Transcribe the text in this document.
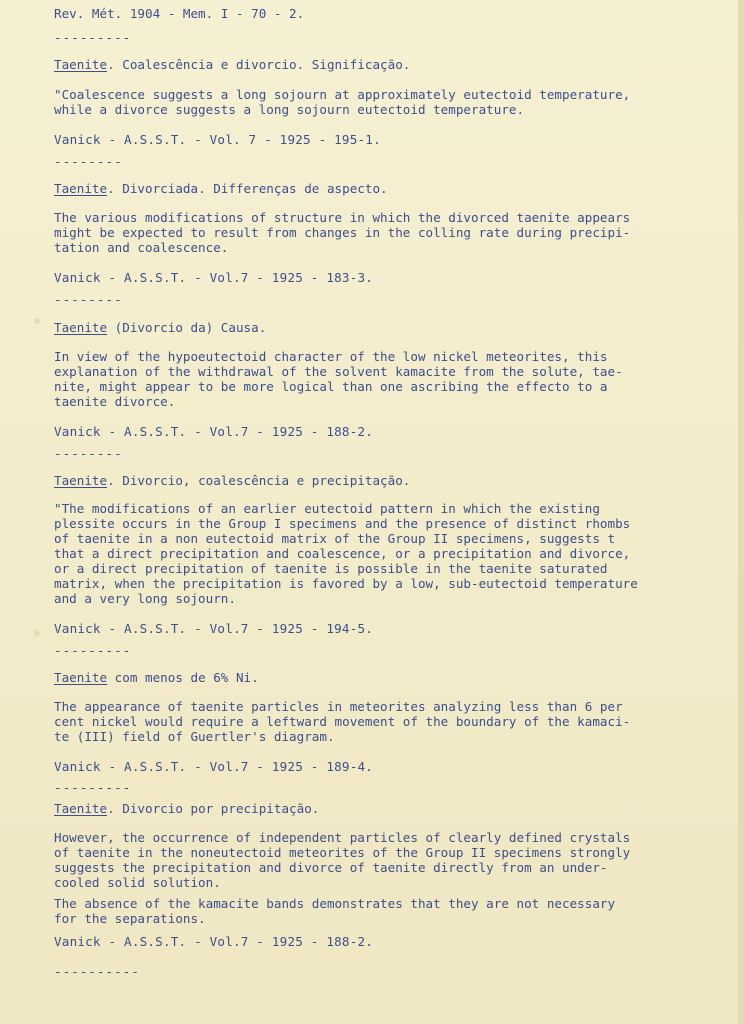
Rev. Mét. 1904 - Mem. I - 70 - 2.
---------
Taenite. Coalescência e divorcio. Significação.
"Coalescence suggests a long sojourn at approximately eutectoid temperature,
while a divorce suggests a long sojourn eutectoid temperature.
Vanick - A.S.S.T. - Vol. 7 - 1925 - 195-1.
--------
Taenite. Divorciada. Differenças de aspecto.
The various modifications of structure in which the divorced taenite appears
might be expected to result from changes in the colling rate during precipi-
tation and coalescence.
Vanick - A.S.S.T. - Vol.7 - 1925 - 183-3.
--------
Taenite (Divorcio da) Causa.
In view of the hypoeutectoid character of the low nickel meteorites, this
explanation of the withdrawal of the solvent kamacite from the solute, tae-
nite, might appear to be more logical than one ascribing the effecto to a
taenite divorce.
Vanick - A.S.S.T. - Vol.7 - 1925 - 188-2.
--------
Taenite. Divorcio, coalescência e precipitação.
"The modifications of an earlier eutectoid pattern in which the existing
plessite occurs in the Group I specimens and the presence of distinct rhombs
of taenite in a non eutectoid matrix of the Group II specimens, suggests t
that a direct precipitation and coalescence, or a precipitation and divorce,
or a direct precipitation of taenite is possible in the taenite saturated
matrix, when the precipitation is favored by a low, sub-eutectoid temperature
and a very long sojourn.
Vanick - A.S.S.T. - Vol.7 - 1925 - 194-5.
---------
Taenite com menos de 6% Ni.
The appearance of taenite particles in meteorites analyzing less than 6 per
cent nickel would require a leftward movement of the boundary of the kamaci-
te (III) field of Guertler's diagram.
Vanick - A.S.S.T. - Vol.7 - 1925 - 189-4.
---------
Taenite. Divorcio por precipitação.
However, the occurrence of independent particles of clearly defined crystals
of taenite in the noneutectoid meteorites of the Group II specimens strongly
suggests the precipitation and divorce of taenite directly from an under-
cooled solid solution.
The absence of the kamacite bands demonstrates that they are not necessary
for the separations.
Vanick - A.S.S.T. - Vol.7 - 1925 - 188-2.
----------
